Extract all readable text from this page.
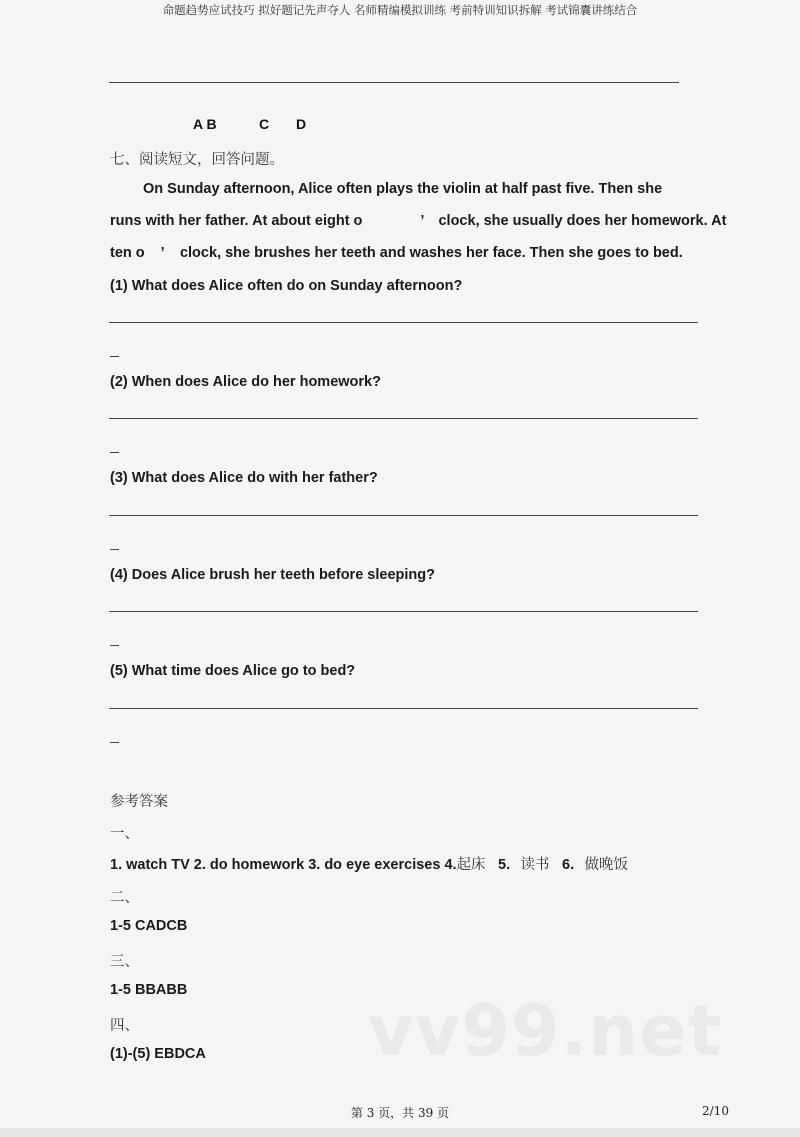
命题趋势应试技巧 拟好题记先声夺人 名师精编模拟训练 考前特训知识拆解 考试锦囊讲练结合
A B	C D
七、阅读短文，回答问题。
On Sunday afternoon, Alice often plays the violin at half past five. Then she
runs with her father. At about eight o	’ clock, she usually does her homework. At
ten o ’ clock, she brushes her teeth and washes her face. Then she goes to bed.
(1) What does Alice often do on Sunday afternoon?
(2) When does Alice do her homework?
(3) What does Alice do with her father?
(4) Does Alice brush her teeth before sleeping?
(5) What time does Alice go to bed?
参考答案
一、
1. watch TV 2. do homework 3. do eye exercises 4.起床 5. 读书 6. 做晚饭
二、
1-5 CADCB
三、
1-5 BBABB	vv99.net
四、
(1)-(5) EBDCA
第 3 页，共 39 页	2/10
